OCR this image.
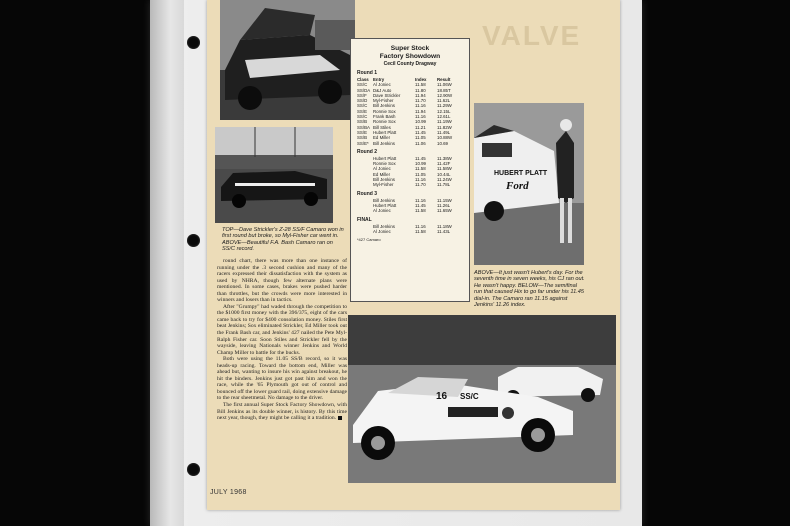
VALVE
TOP—Dave Strickler's Z-28 SS/F Camaro won in first round but broke, so Myl-Fisher car went in. ABOVE—Beautiful F.A. Bash Camaro ran on SS/C record.

round chart, there was more than one instance of running under the .3 second cushion and many of the racers expressed their dissatisfaction with the system as used by NHRA, though few alternate plans were mentioned. In some cases, brakes were pushed harder than throttles, but the crowds were more interested in winners and losers than in tactics.

After "Grumpy" had waded through the competition to the $1000 first money with the 396/375, eight of the cars came back to try for $400 consolation money. Stiles first beat Jenkins; Sox eliminated Strickler, Ed Miller took out the Frank Bash car, and Jenkins' 427 nailed the Pete Myl-Ralph Fisher car. Soon Stiles and Strickler fell by the wayside, leaving Nationals winner Jenkins and World Champ Miller to battle for the bucks.

Both were using the 11.05 SS/B record, so it was heads-up racing. Toward the bottom end, Miller was ahead but, wanting to insure his win against breakout, he hit the binders. Jenkins just got past him and won the race, while the '65 Plymouth got out of control and bounced off the lower guard rail, doing extensive damage to the rear sheetmetal. No damage to the driver.

The first annual Super Stock Factory Showdown, with Bill Jenkins as its double winner, is history. By this time next year, though, they might be calling it a tradition.

JULY 1968
Super Stock
Factory Showdown
Cecil County Dragway
Round 1
Class Entry	Index	Result
SS/C	Al Joniec	11.58	11.06W
SS/DA D&J Auto	11.80	18.85T
SS/F	Dave Strickler	11.94	12.90W
SS/D	Myl-Fisher	11.70	11.62L
SS/C	Bill Jenkins	11.16	11.29W
SS/E	Ronnie Sox	11.94	12.15L
SS/C	Frank Bash	11.16	12.61L
SS/B	Ronnie Sox	10.99	11.19W
SS/BA Bill Stiles	11.21	11.82W
SS/E	Hubert Platt	11.45	11.49L
SS/B	Ed Miller	11.05	10.88W
SS/E* Bill Jenkins	11.06	10.69
Round 2
Hubert Platt	11.45	11.38W
Ronnie Sox	10.99	11.42F
Al Joniec	11.58	11.58W
Ed Miller	11.05	10.44L
Bill Jenkins	11.16	11.24W
Myl-Fisher	11.70	11.78L
Round 3
Bill Jenkins	11.16	11.15W
Hubert Platt	11.45	11.26L
Al Joniec	11.58	11.65W
FINAL
Bill Jenkins	11.16	11.18W
Al Joniec	11.58	11.43L
*427 Camaro
HUBERT PLATT
Ford
ABOVE—It just wasn't Hubert's day. For the seventh time in seven weeks, his CJ ran out. He wasn't happy. BELOW—The semifinal run that caused Hix to go far under his 11.45 dial-in. The Camaro ran 11.15 against Jenkins' 11.26 index.
16 SS/C
